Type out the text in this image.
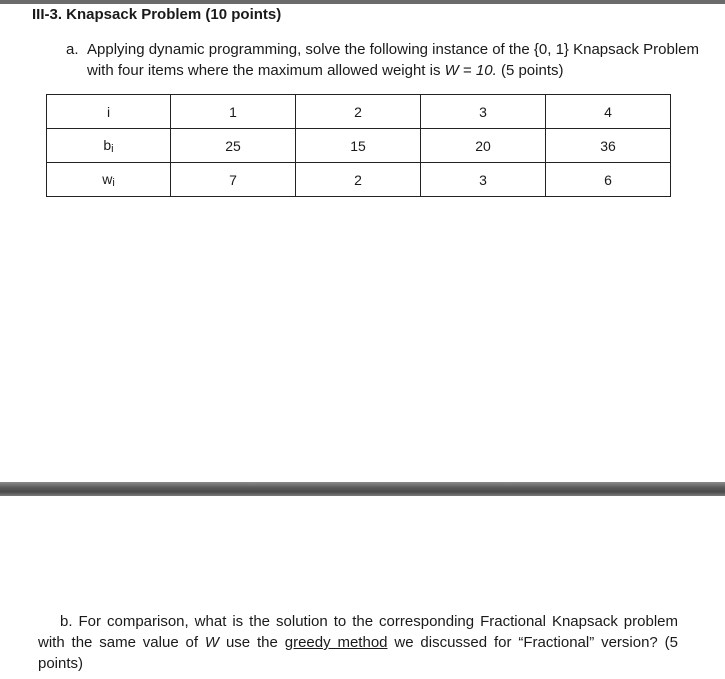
III-3. Knapsack Problem (10 points)
a. Applying dynamic programming, solve the following instance of the {0, 1} Knapsack Problem with four items where the maximum allowed weight is W = 10. (5 points)
i	1	2	3	4
bi	25	15	20	36
wi	7	2	3	6
b. For comparison, what is the solution to the corresponding Fractional Knapsack problem with the same value of W use the greedy method we discussed for “Fractional” version? (5 points)
